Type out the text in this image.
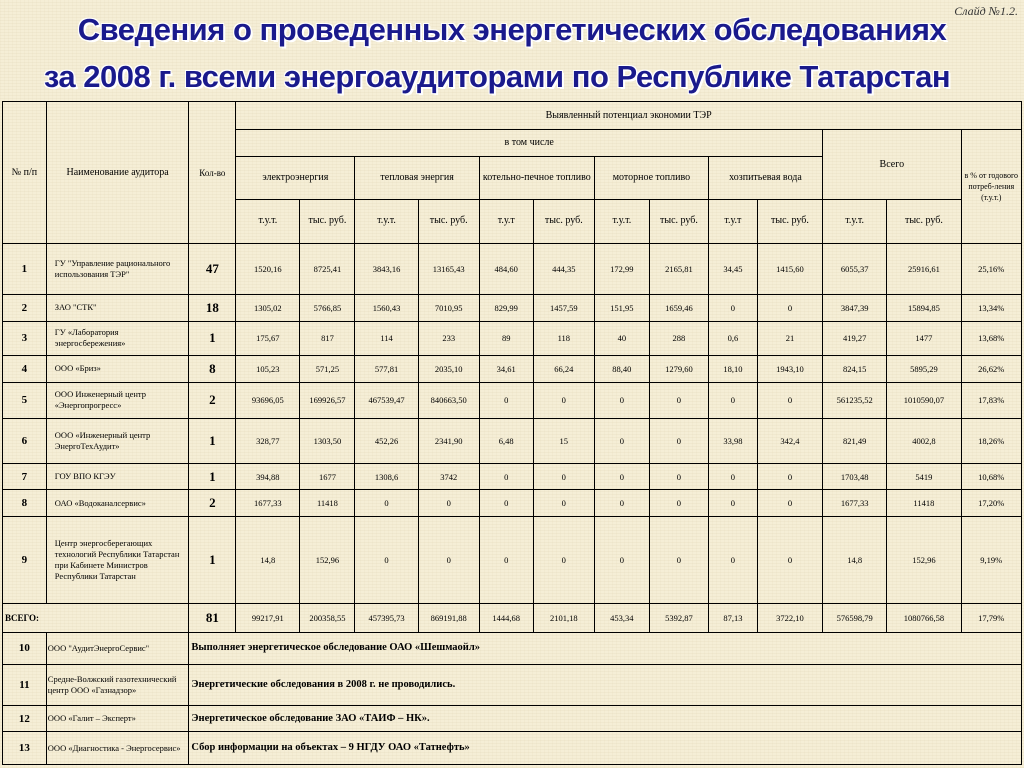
Слайд №1.2.
Сведения о проведенных энергетических обследованиях
за 2008 г. всеми энергоаудиторами по Республике Татарстан
№ п/п	Наименование аудитора	Кол-во	Выявленный потенциал экономии ТЭР												
			в том числе										Всего		в % от годового потреб-ления (т.у.т.)
			электроэнергия		тепловая энергия		котельно-печное топливо		моторное топливо		хозпитьевая вода				
			т.у.т.	тыс. руб.	т.у.т.	тыс. руб.	т.у.т	тыс. руб.	т.у.т.	тыс. руб.	т.у.т	тыс. руб.	т.у.т.	тыс. руб.	
1	ГУ "Управление рационального использования ТЭР"	47	1520,16	8725,41	3843,16	13165,43	484,60	444,35	172,99	2165,81	34,45	1415,60	6055,37	25916,61	25,16%
2	ЗАО "СТК"	18	1305,02	5766,85	1560,43	7010,95	829,99	1457,59	151,95	1659,46	0	0	3847,39	15894,85	13,34%
3	ГУ «Лаборатория энергосбережения»	1	175,67	817	114	233	89	118	40	288	0,6	21	419,27	1477	13,68%
4	ООО «Бриз»	8	105,23	571,25	577,81	2035,10	34,61	66,24	88,40	1279,60	18,10	1943,10	824,15	5895,29	26,62%
5	ООО Инженерный центр «Энергопрогресс»	2	93696,05	169926,57	467539,47	840663,50	0	0	0	0	0	0	561235,52	1010590,07	17,83%
6	ООО «Инженерный центр ЭнергоТехАудит»	1	328,77	1303,50	452,26	2341,90	6,48	15	0	0	33,98	342,4	821,49	4002,8	18,26%
7	ГОУ ВПО КГЭУ	1	394,88	1677	1308,6	3742	0	0	0	0	0	0	1703,48	5419	10,68%
8	ОАО «Водоканалсервис»	2	1677,33	11418	0	0	0	0	0	0	0	0	1677,33	11418	17,20%
9	Центр энергосберегающих технологий Республики Татарстан при Кабинете Министров Республики Татарстан	1	14,8	152,96	0	0	0	0	0	0	0	0	14,8	152,96	9,19%
ВСЕГО:		81	99217,91	200358,55	457395,73	869191,88	1444,68	2101,18	453,34	5392,87	87,13	3722,10	576598,79	1080766,58	17,79%
10	ООО "АудитЭнергоСервис"	Выполняет энергетическое обследование ОАО «Шешмаойл»													
11	Средне-Волжский газотехнический центр ООО «Газнадзор»	Энергетические обследования в 2008 г. не проводились.													
12	ООО «Галит – Эксперт»	Энергетическое обследование ЗАО «ТАИФ – НК».													
13	ООО «Диагностика - Энергосервис»	Сбор информации на объектах – 9 НГДУ ОАО «Татнефть»													
